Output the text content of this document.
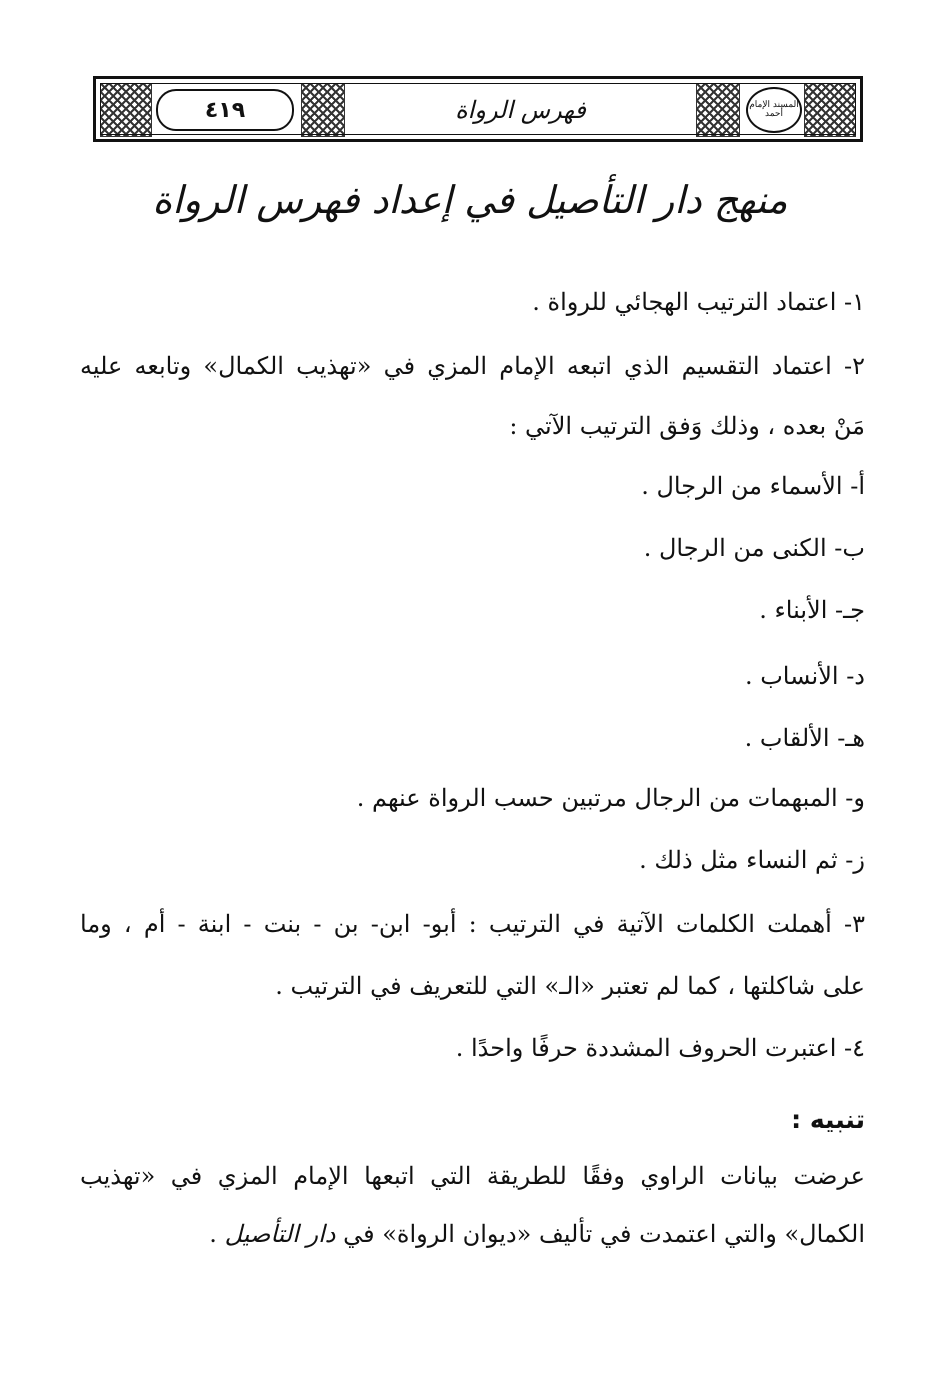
٤١٩	فهرس الرواة	المسند الإمام أحمد
منهج دار التأصيل في إعداد فهرس الرواة
١- اعتماد الترتيب الهجائي للرواة .
٢- اعتماد التقسيم الذي اتبعه الإمام المزي في «تهذيب الكمال» وتابعه عليه
مَنْ بعده ، وذلك وَفق الترتيب الآتي :
أ- الأسماء من الرجال .
ب- الكنى من الرجال .
جـ- الأبناء .
د- الأنساب .
هـ- الألقاب .
و- المبهمات من الرجال مرتبين حسب الرواة عنهم .
ز- ثم النساء مثل ذلك .
٣- أهملت الكلمات الآتية في الترتيب : أبو- ابن- بن - بنت - ابنة - أم ، وما
على شاكلتها ، كما لم تعتبر «الـ» التي للتعريف في الترتيب .
٤- اعتبرت الحروف المشددة حرفًا واحدًا .
تنبيه :
عرضت بيانات الراوي وفقًا للطريقة التي اتبعها الإمام المزي في «تهذيب
الكمال» والتي اعتمدت في تأليف «ديوان الرواة» في دار التأصيل .
